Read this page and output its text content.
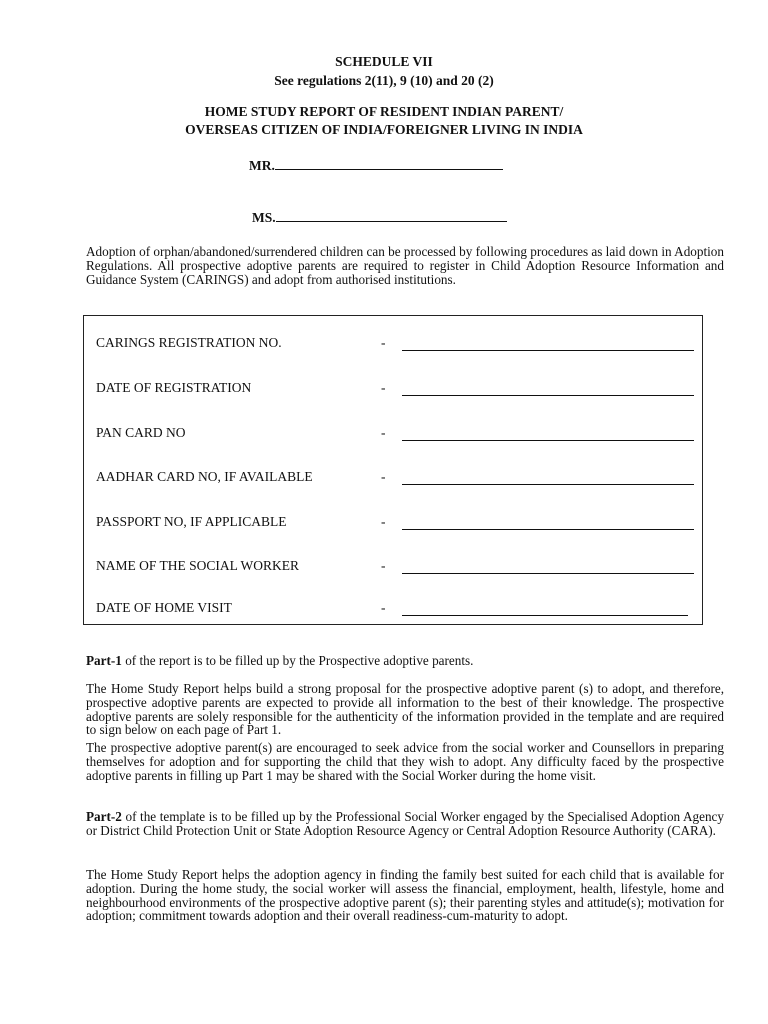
SCHEDULE VII
See regulations 2(11), 9 (10) and 20 (2)
HOME STUDY REPORT OF RESIDENT INDIAN PARENT/
OVERSEAS CITIZEN OF INDIA/FOREIGNER LIVING IN INDIA
MR.
MS.

Adoption of orphan/abandoned/surrendered children can be processed by following procedures as laid down in Adoption Regulations. All prospective adoptive parents are required to register in Child Adoption Resource Information and Guidance System (CARINGS) and adopt from authorised institutions.

CARINGS REGISTRATION NO.	-
DATE OF REGISTRATION	-
PAN CARD NO	-
AADHAR CARD NO, IF AVAILABLE	-
PASSPORT NO, IF APPLICABLE	-
NAME OF THE SOCIAL WORKER	-
DATE OF HOME VISIT	-

Part-1 of the report is to be filled up by the Prospective adoptive parents.

The Home Study Report helps build a strong proposal for the prospective adoptive parent (s) to adopt, and therefore, prospective adoptive parents are expected to provide all information to the best of their knowledge. The prospective adoptive parents are solely responsible for the authenticity of the information provided in the template and are required to sign below on each page of Part 1.

The prospective adoptive parent(s) are encouraged to seek advice from the social worker and Counsellors in preparing themselves for adoption and for supporting the child that they wish to adopt. Any difficulty faced by the prospective adoptive parents in filling up Part 1 may be shared with the Social Worker during the home visit.

Part-2 of the template is to be filled up by the Professional Social Worker engaged by the Specialised Adoption Agency or District Child Protection Unit or State Adoption Resource Agency or Central Adoption Resource Authority (CARA).

The Home Study Report helps the adoption agency in finding the family best suited for each child that is available for adoption. During the home study, the social worker will assess the financial, employment, health, lifestyle, home and neighbourhood environments of the prospective adoptive parent (s); their parenting styles and attitude(s); motivation for adoption; commitment towards adoption and their overall readiness-cum-maturity to adopt.
